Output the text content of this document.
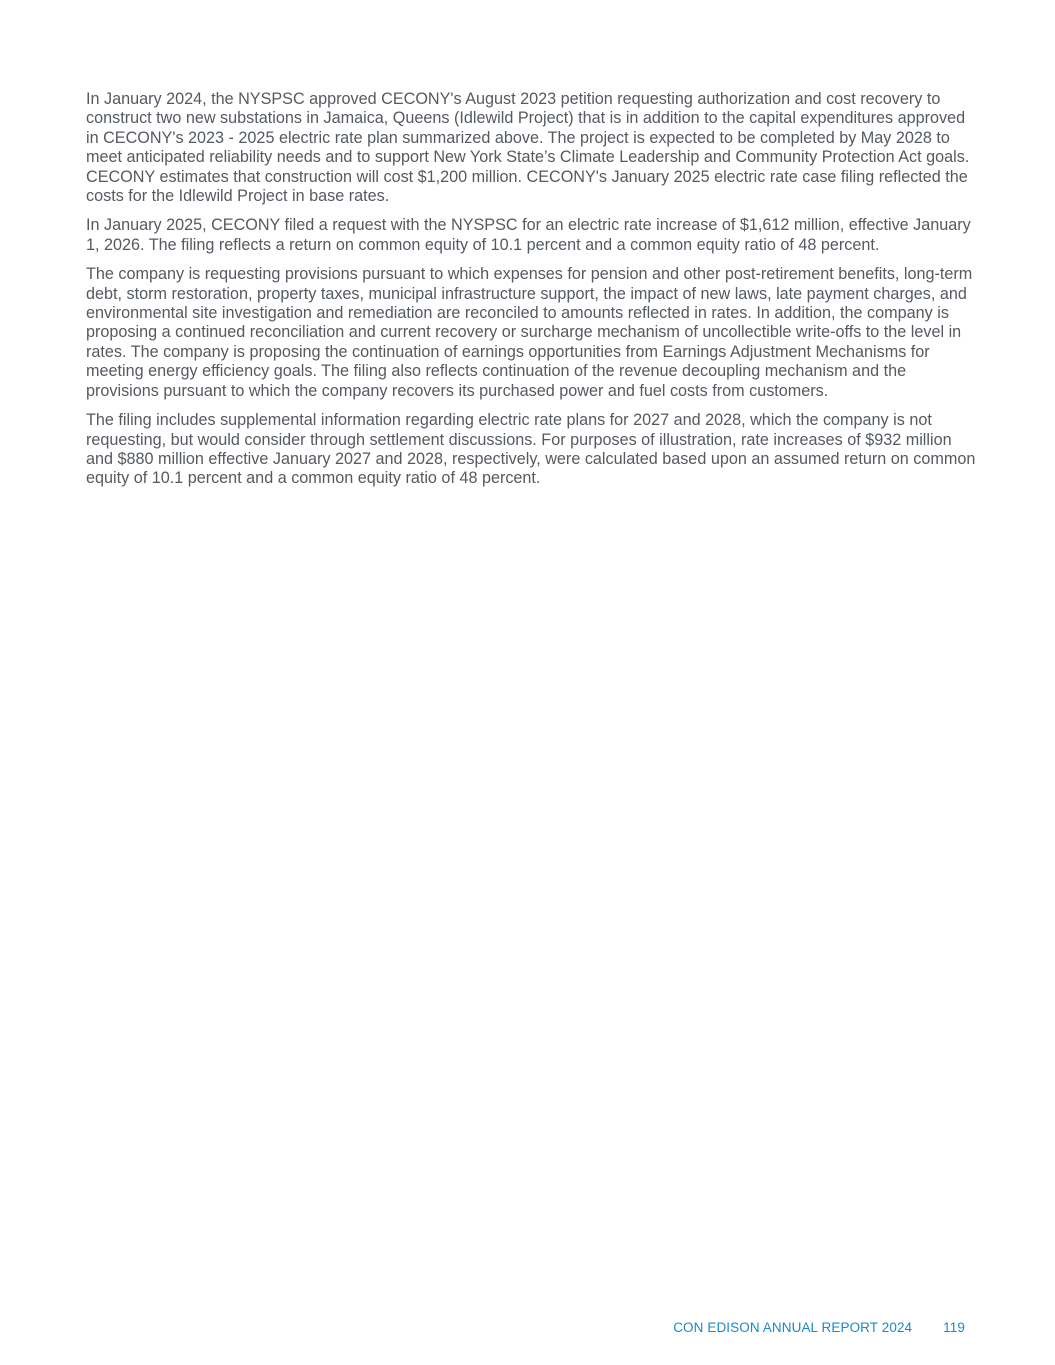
In January 2024, the NYSPSC approved CECONY's August 2023 petition requesting authorization and cost recovery to construct two new substations in Jamaica, Queens (Idlewild Project) that is in addition to the capital expenditures approved in CECONY's 2023 - 2025 electric rate plan summarized above. The project is expected to be completed by May 2028 to meet anticipated reliability needs and to support New York State’s Climate Leadership and Community Protection Act goals. CECONY estimates that construction will cost $1,200 million. CECONY's January 2025 electric rate case filing reflected the costs for the Idlewild Project in base rates.

In January 2025, CECONY filed a request with the NYSPSC for an electric rate increase of $1,612 million, effective January 1, 2026. The filing reflects a return on common equity of 10.1 percent and a common equity ratio of 48 percent.

The company is requesting provisions pursuant to which expenses for pension and other post-retirement benefits, long-term debt, storm restoration, property taxes, municipal infrastructure support, the impact of new laws, late payment charges, and environmental site investigation and remediation are reconciled to amounts reflected in rates. In addition, the company is proposing a continued reconciliation and current recovery or surcharge mechanism of uncollectible write-offs to the level in rates. The company is proposing the continuation of earnings opportunities from Earnings Adjustment Mechanisms for meeting energy efficiency goals. The filing also reflects continuation of the revenue decoupling mechanism and the provisions pursuant to which the company recovers its purchased power and fuel costs from customers.

The filing includes supplemental information regarding electric rate plans for 2027 and 2028, which the company is not requesting, but would consider through settlement discussions. For purposes of illustration, rate increases of $932 million and $880 million effective January 2027 and 2028, respectively, were calculated based upon an assumed return on common equity of 10.1 percent and a common equity ratio of 48 percent.

CON EDISON ANNUAL REPORT 2024 119
